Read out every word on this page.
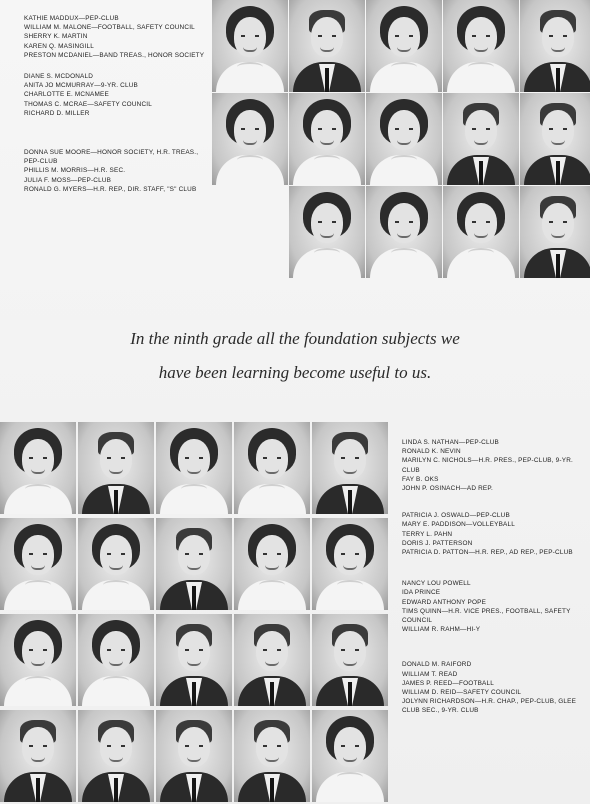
KATHIE MADDUX—PEP-CLUB
WILLIAM M. MALONE—FOOTBALL, SAFETY COUNCIL
SHERRY K. MARTIN
KAREN Q. MASINGILL
PRESTON MCDANIEL—BAND TREAS., HONOR SOCIETY
DIANE S. MCDONALD
ANITA JO MCMURRAY—9-YR. CLUB
CHARLOTTE E. MCNAMEE
THOMAS C. MCRAE—SAFETY COUNCIL
RICHARD D. MILLER
DONNA SUE MOORE—HONOR SOCIETY, H.R. TREAS., PEP-CLUB
PHILLIS M. MORRIS—H.R. SEC.
JULIA F. MOSS—PEP-CLUB
RONALD G. MYERS—H.R. REP., DIR. STAFF, "S" CLUB
In the ninth grade all the foundation subjects we
have been learning become useful to us.
LINDA S. NATHAN—PEP-CLUB
RONALD K. NEVIN
MARILYN C. NICHOLS—H.R. PRES., PEP-CLUB, 9-YR. CLUB
FAY B. OKS
JOHN P. OSINACH—AD REP.
PATRICIA J. OSWALD—PEP-CLUB
MARY E. PADDISON—VOLLEYBALL
TERRY L. PAHN
DORIS J. PATTERSON
PATRICIA D. PATTON—H.R. REP., AD REP., PEP-CLUB
NANCY LOU POWELL
IDA PRINCE
EDWARD ANTHONY POPE
TIMS QUINN—H.R. VICE PRES., FOOTBALL, SAFETY COUNCIL
WILLIAM R. RAHM—HI-Y
DONALD M. RAIFORD
WILLIAM T. READ
JAMES P. REED—FOOTBALL
WILLIAM D. REID—SAFETY COUNCIL
JOLYNN RICHARDSON—H.R. CHAP., PEP-CLUB, GLEE CLUB SEC., 9-YR. CLUB
